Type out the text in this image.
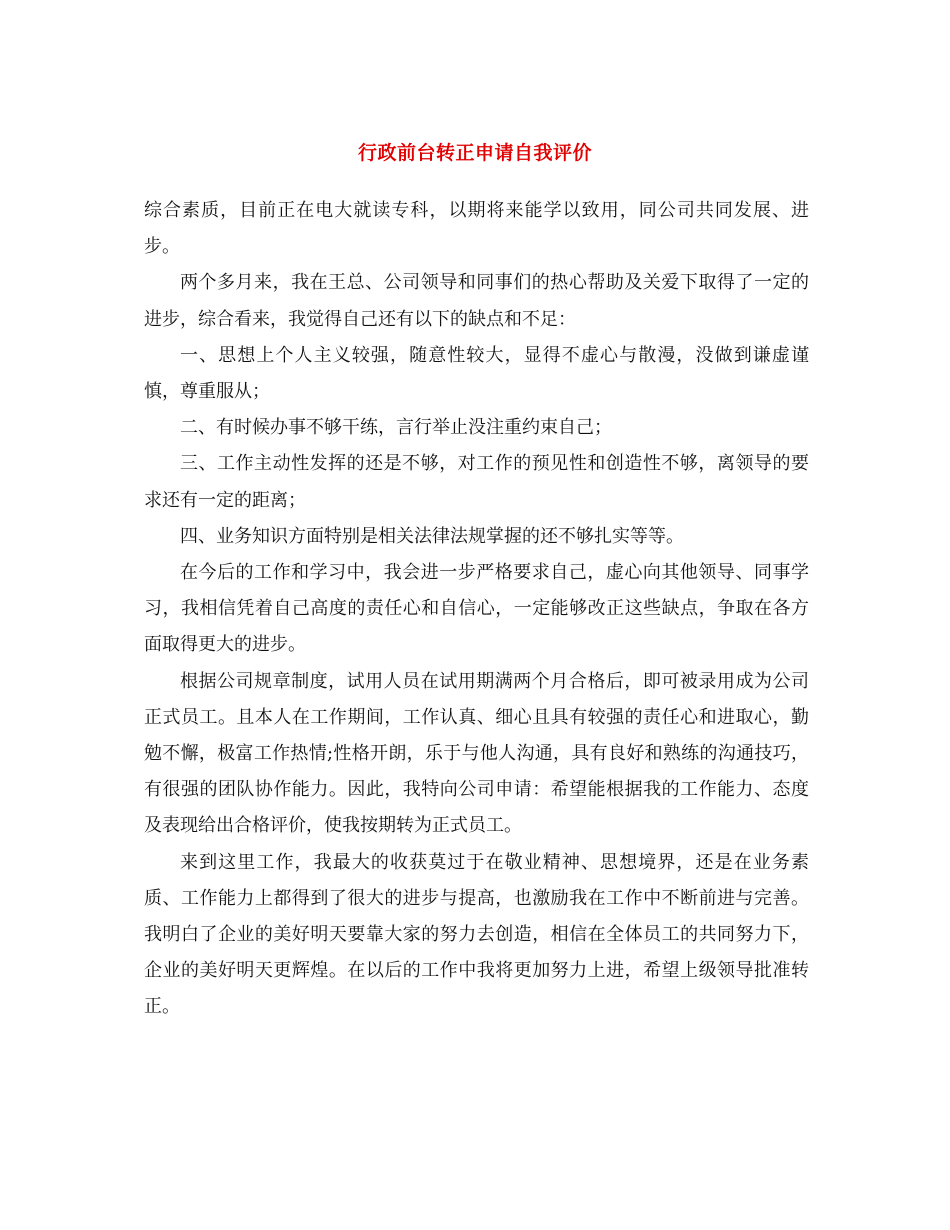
行政前台转正申请自我评价

综合素质，目前正在电大就读专科，以期将来能学以致用，同公司共同发展、进步。

两个多月来，我在王总、公司领导和同事们的热心帮助及关爱下取得了一定的进步，综合看来，我觉得自己还有以下的缺点和不足：

一、思想上个人主义较强，随意性较大，显得不虚心与散漫，没做到谦虚谨慎，尊重服从；

二、有时候办事不够干练，言行举止没注重约束自己；

三、工作主动性发挥的还是不够，对工作的预见性和创造性不够，离领导的要求还有一定的距离；

四、业务知识方面特别是相关法律法规掌握的还不够扎实等等。

在今后的工作和学习中，我会进一步严格要求自己，虚心向其他领导、同事学习，我相信凭着自己高度的责任心和自信心，一定能够改正这些缺点，争取在各方面取得更大的进步。

根据公司规章制度，试用人员在试用期满两个月合格后，即可被录用成为公司正式员工。且本人在工作期间，工作认真、细心且具有较强的责任心和进取心，勤勉不懈，极富工作热情;性格开朗，乐于与他人沟通，具有良好和熟练的沟通技巧，有很强的团队协作能力。因此，我特向公司申请：希望能根据我的工作能力、态度及表现给出合格评价，使我按期转为正式员工。

来到这里工作，我最大的收获莫过于在敬业精神、思想境界，还是在业务素质、工作能力上都得到了很大的进步与提高，也激励我在工作中不断前进与完善。我明白了企业的美好明天要靠大家的努力去创造，相信在全体员工的共同努力下，企业的美好明天更辉煌。在以后的工作中我将更加努力上进，希望上级领导批准转正。
